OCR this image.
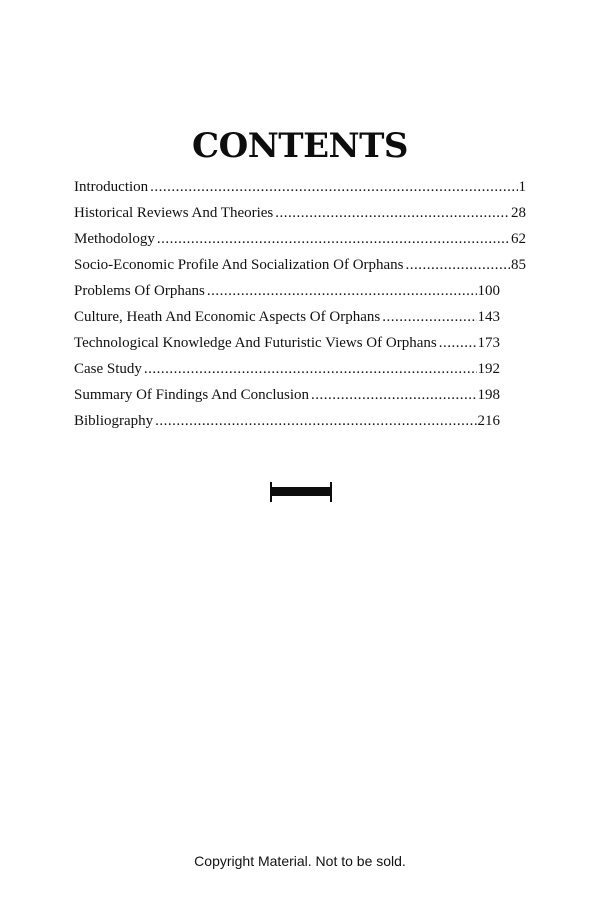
CONTENTS
Introduction .....	1
Historical Reviews And Theories .....	28
Methodology .....	62
Socio-Economic Profile And Socialization Of Orphans .....	85
Problems Of Orphans .....	100
Culture, Heath And Economic Aspects Of Orphans .....	143
Technological Knowledge And Futuristic Views Of Orphans .....	173
Case Study .....	192
Summary Of Findings And Conclusion .....	198
Bibliography .....	216
Copyright Material. Not to be sold.
